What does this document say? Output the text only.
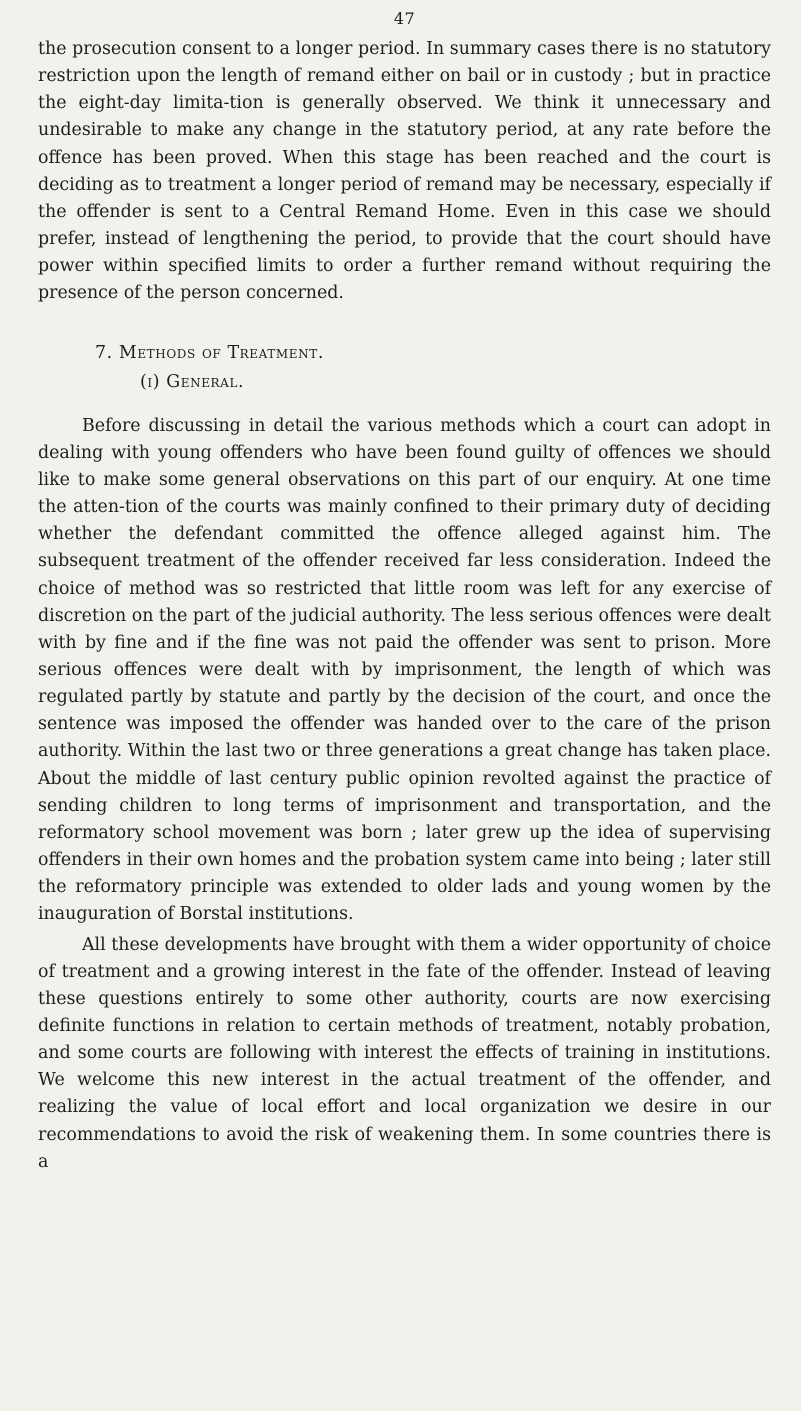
47

the prosecution consent to a longer period. In summary cases there is no statutory restriction upon the length of remand either on bail or in custody ; but in practice the eight-day limita-tion is generally observed. We think it unnecessary and undesirable to make any change in the statutory period, at any rate before the offence has been proved. When this stage has been reached and the court is deciding as to treatment a longer period of remand may be necessary, especially if the offender is sent to a Central Remand Home. Even in this case we should prefer, instead of lengthening the period, to provide that the court should have power within specified limits to order a further remand without requiring the presence of the person concerned.

7. Methods of Treatment.
(i) General.

Before discussing in detail the various methods which a court can adopt in dealing with young offenders who have been found guilty of offences we should like to make some general observations on this part of our enquiry. At one time the atten-tion of the courts was mainly confined to their primary duty of deciding whether the defendant committed the offence alleged against him. The subsequent treatment of the offender received far less consideration. Indeed the choice of method was so restricted that little room was left for any exercise of discretion on the part of the judicial authority. The less serious offences were dealt with by fine and if the fine was not paid the offender was sent to prison. More serious offences were dealt with by imprisonment, the length of which was regulated partly by statute and partly by the decision of the court, and once the sentence was imposed the offender was handed over to the care of the prison authority. Within the last two or three generations a great change has taken place. About the middle of last century public opinion revolted against the practice of sending children to long terms of imprisonment and transportation, and the reformatory school movement was born ; later grew up the idea of supervising offenders in their own homes and the probation system came into being ; later still the reformatory principle was extended to older lads and young women by the inauguration of Borstal institutions.

All these developments have brought with them a wider opportunity of choice of treatment and a growing interest in the fate of the offender. Instead of leaving these questions entirely to some other authority, courts are now exercising definite functions in relation to certain methods of treatment, notably probation, and some courts are following with interest the effects of training in institutions. We welcome this new interest in the actual treatment of the offender, and realizing the value of local effort and local organization we desire in our recommendations to avoid the risk of weakening them. In some countries there is a
